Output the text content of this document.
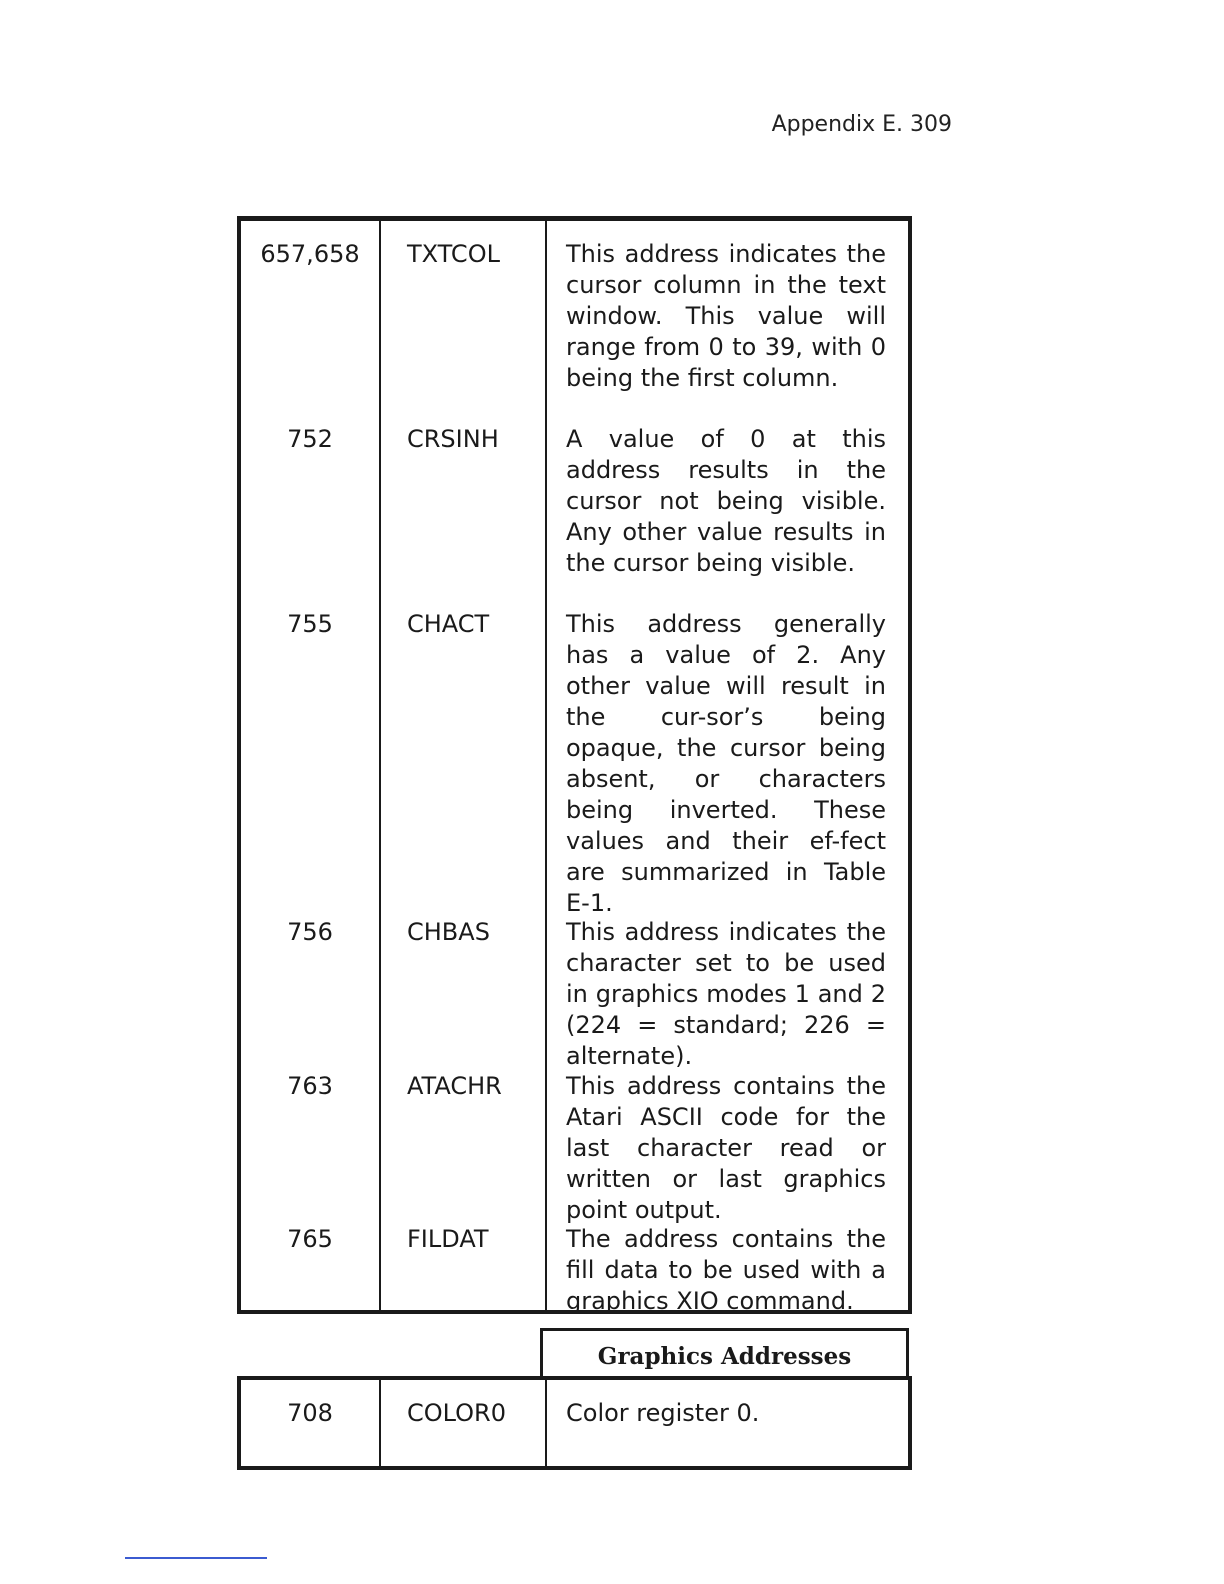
Appendix E. 309
657,658	TXTCOL	This address indicates the cursor column in the text window. This value will range from 0 to 39, with 0 being the first column.

752	CRSINH	A value of 0 at this address results in the cursor not being visible. Any other value results in the cursor being visible.

755	CHACT	This address generally has a value of 2. Any other value will result in the cur-sor’s being opaque, the cursor being absent, or characters being inverted. These values and their ef-fect are summarized in Table E-1.

756	CHBAS	This address indicates the character set to be used in graphics modes 1 and 2 (224 = standard; 226 = alternate).

763	ATACHR	This address contains the Atari ASCII code for the last character read or written or last graphics point output.

765	FILDAT	The address contains the fill data to be used with a graphics XIO command.
Graphics Addresses
708	COLOR0	Color register 0.
